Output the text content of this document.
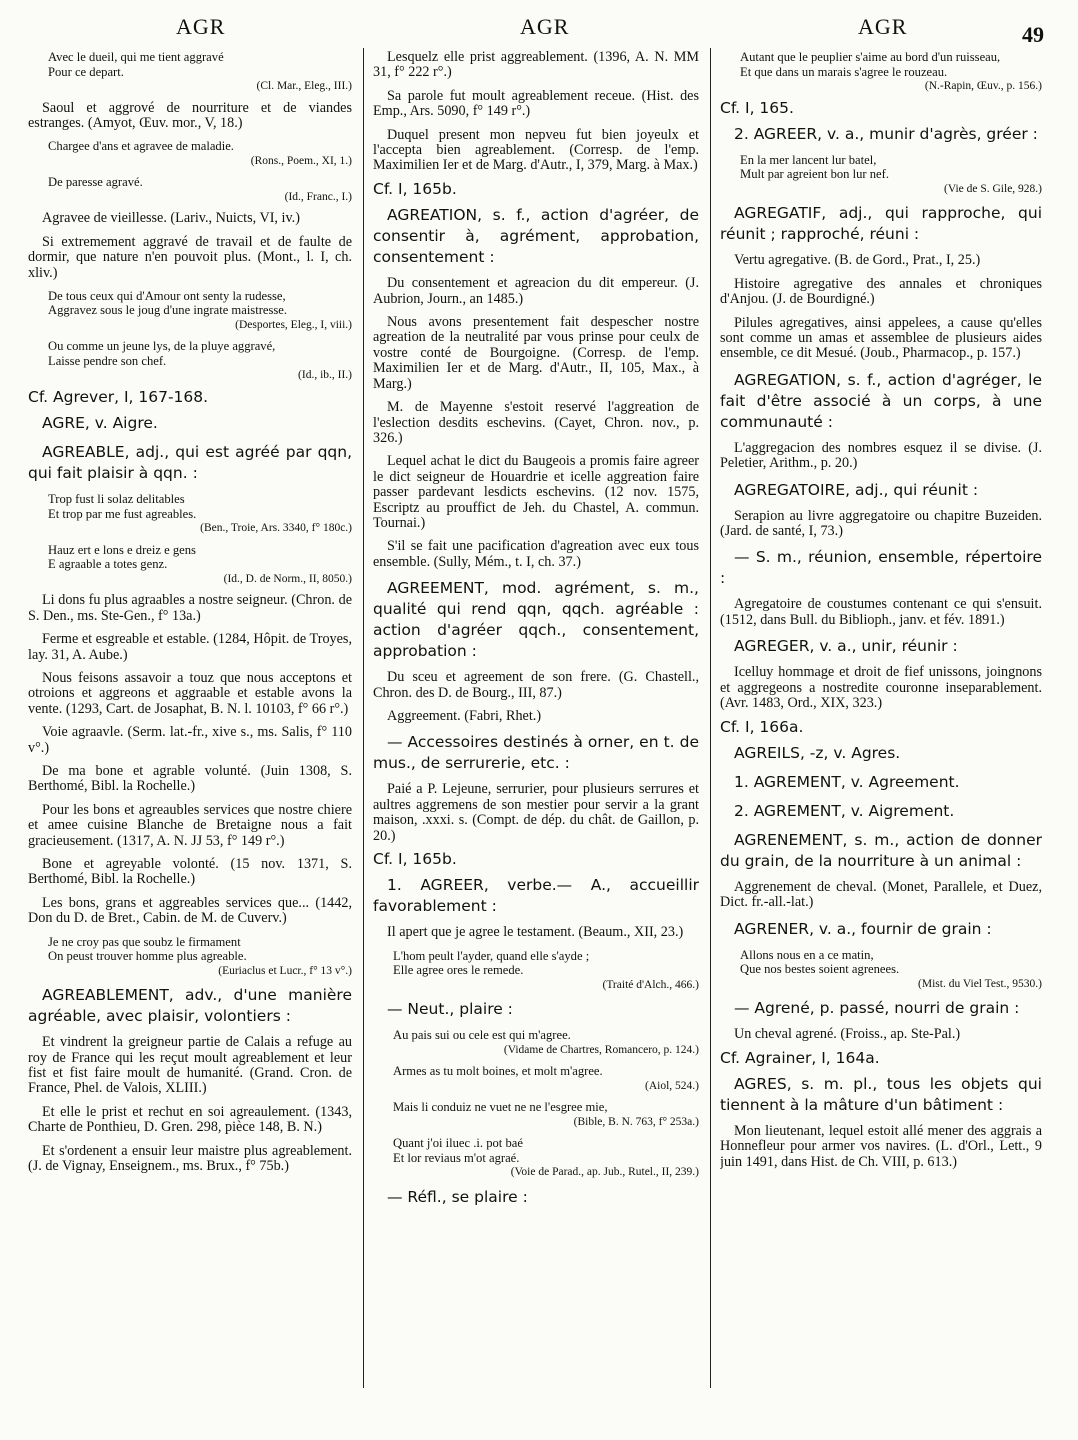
AGR	AGR	AGR	49
Avec le dueil, qui me tient aggravé
Pour ce depart.
(Cl. Mar., Eleg., III.)

Saoul et aggrové de nourriture et de viandes estranges. (Amyot, Œuv. mor., V, 18.)

Chargee d'ans et agravee de maladie.
(Rons., Poem., XI, 1.)
De paresse agravé.
(Id., Franc., I.)

Agravee de vieillesse. (Lariv., Nuicts, VI, iv.)

Si extremement aggravé de travail et de faulte de dormir, que nature n'en pouvoit plus. (Mont., l. I, ch. xliv.)

De tous ceux qui d'Amour ont senty la rudesse,
Aggravez sous le joug d'une ingrate maistresse.
(Desportes, Eleg., I, viii.)
Ou comme un jeune lys, de la pluye aggravé,
Laisse pendre son chef.
(Id., ib., II.)

Cf. Agrever, I, 167-168.

AGRE, v. Aigre.

AGREABLE, adj., qui est agréé par qqn, qui fait plaisir à qqn. :

Trop fust li solaz delitables
Et trop par me fust agreables.
(Ben., Troie, Ars. 3340, f° 180c.)
Hauz ert e lons e dreiz e gens
E agraable a totes genz.
(Id., D. de Norm., II, 8050.)

Li dons fu plus agraables a nostre seigneur. (Chron. de S. Den., ms. Ste-Gen., f° 13a.)

Ferme et esgreable et estable. (1284, Hôpit. de Troyes, lay. 31, A. Aube.)

Nous feisons assavoir a touz que nous acceptons et otroions et aggreons et aggraable et estable avons la vente. (1293, Cart. de Josaphat, B. N. l. 10103, f° 66 r°.)

Voie agraavle. (Serm. lat.-fr., xive s., ms. Salis, f° 110 v°.)

De ma bone et agrable volunté. (Juin 1308, S. Berthomé, Bibl. la Rochelle.)

Pour les bons et agreaubles services que nostre chiere et amee cuisine Blanche de Bretaigne nous a fait gracieusement. (1317, A. N. JJ 53, f° 149 r°.)

Bone et agreyable volonté. (15 nov. 1371, S. Berthomé, Bibl. la Rochelle.)

Les bons, grans et aggreables services que... (1442, Don du D. de Bret., Cabin. de M. de Cuverv.)

Je ne croy pas que soubz le firmament
On peust trouver homme plus agreable.
(Euriaclus et Lucr., f° 13 v°.)

AGREABLEMENT, adv., d'une manière agréable, avec plaisir, volontiers :

Et vindrent la greigneur partie de Calais a refuge au roy de France qui les reçut moult agreablement et leur fist et fist faire moult de humanité. (Grand. Cron. de France, Phel. de Valois, XLIII.)

Et elle le prist et rechut en soi agreaulement. (1343, Charte de Ponthieu, D. Gren. 298, pièce 148, B. N.)

Et s'ordenent a ensuir leur maistre plus agreablement. (J. de Vignay, Enseignem., ms. Brux., f° 75b.)

Lesquelz elle prist aggreablement. (1396, A. N. MM 31, f° 222 r°.)

Sa parole fut moult agreablement receue. (Hist. des Emp., Ars. 5090, f° 149 r°.)

Duquel present mon nepveu fut bien joyeulx et l'accepta bien agreablement. (Corresp. de l'emp. Maximilien Ier et de Marg. d'Autr., I, 379, Marg. à Max.)

Cf. I, 165b.

AGREATION, s. f., action d'agréer, de consentir à, agrément, approbation, consentement :

Du consentement et agreacion du dit empereur. (J. Aubrion, Journ., an 1485.)

Nous avons presentement fait despescher nostre agreation de la neutralité par vous prinse pour ceulx de vostre conté de Bourgoigne. (Corresp. de l'emp. Maximilien Ier et de Marg. d'Autr., II, 105, Max., à Marg.)

M. de Mayenne s'estoit reservé l'aggreation de l'eslection desdits eschevins. (Cayet, Chron. nov., p. 326.)

Lequel achat le dict du Baugeois a promis faire agreer le dict seigneur de Houardrie et icelle aggreation faire passer pardevant lesdicts eschevins. (12 nov. 1575, Escriptz au prouffict de Jeh. du Chastel, A. commun. Tournai.)

S'il se fait une pacification d'agreation avec eux tous ensemble. (Sully, Mém., t. I, ch. 37.)

AGREEMENT, mod. agrément, s. m., qualité qui rend qqn, qqch. agréable : action d'agréer qqch., consentement, approbation :

Du sceu et agreement de son frere. (G. Chastell., Chron. des D. de Bourg., III, 87.)

Aggreement. (Fabri, Rhet.)

— Accessoires destinés à orner, en t. de mus., de serrurerie, etc. :

Paié a P. Lejeune, serrurier, pour plusieurs serrures et aultres aggremens de son mestier pour servir a la grant maison, .xxxi. s. (Compt. de dép. du chât. de Gaillon, p. 20.)

Cf. I, 165b.

1. AGREER, verbe.— A., accueillir favorablement :

Il apert que je agree le testament. (Beaum., XII, 23.)

L'hom peult l'ayder, quand elle s'ayde ;
Elle agree ores le remede.
(Traité d'Alch., 466.)

— Neut., plaire :

Au pais sui ou cele est qui m'agree.
(Vidame de Chartres, Romancero, p. 124.)
Armes as tu molt boines, et molt m'agree.
(Aiol, 524.)
Mais li conduiz ne vuet ne ne l'esgree mie,
(Bible, B. N. 763, f° 253a.)
Quant j'oi iluec .i. pot baé
Et lor reviaus m'ot agraé.
(Voie de Parad., ap. Jub., Rutel., II, 239.)

— Réfl., se plaire :

Autant que le peuplier s'aime au bord d'un ruisseau,
Et que dans un marais s'agree le rouzeau.
(N.-Rapin, Œuv., p. 156.)

Cf. I, 165.

2. AGREER, v. a., munir d'agrès, gréer :

En la mer lancent lur batel,
Mult par agreient bon lur nef.
(Vie de S. Gile, 928.)

AGREGATIF, adj., qui rapproche, qui réunit ; rapproché, réuni :

Vertu agregative. (B. de Gord., Prat., I, 25.)

Histoire agregative des annales et chroniques d'Anjou. (J. de Bourdigné.)

Pilules agregatives, ainsi appelees, a cause qu'elles sont comme un amas et assemblee de plusieurs aides ensemble, ce dit Mesué. (Joub., Pharmacop., p. 157.)

AGREGATION, s. f., action d'agréger, le fait d'être associé à un corps, à une communauté :

L'aggregacion des nombres esquez il se divise. (J. Peletier, Arithm., p. 20.)

AGREGATOIRE, adj., qui réunit :

Serapion au livre aggregatoire ou chapitre Buzeiden. (Jard. de santé, I, 73.)

— S. m., réunion, ensemble, répertoire :

Agregatoire de coustumes contenant ce qui s'ensuit. (1512, dans Bull. du Biblioph., janv. et fév. 1891.)

AGREGER, v. a., unir, réunir :

Icelluy hommage et droit de fief unissons, joingnons et aggregeons a nostredite couronne inseparablement. (Avr. 1483, Ord., XIX, 323.)

Cf. I, 166a.

AGREILS, -z, v. Agres.

1. AGREMENT, v. Agreement.

2. AGREMENT, v. Aigrement.

AGRENEMENT, s. m., action de donner du grain, de la nourriture à un animal :

Aggrenement de cheval. (Monet, Parallele, et Duez, Dict. fr.-all.-lat.)

AGRENER, v. a., fournir de grain :

Allons nous en a ce matin,
Que nos bestes soient agrenees.
(Mist. du Viel Test., 9530.)

— Agrené, p. passé, nourri de grain :

Un cheval agrené. (Froiss., ap. Ste-Pal.)

Cf. Agrainer, I, 164a.

AGRES, s. m. pl., tous les objets qui tiennent à la mâture d'un bâtiment :

Mon lieutenant, lequel estoit allé mener des aggrais a Honnefleur pour armer vos navires. (L. d'Orl., Lett., 9 juin 1491, dans Hist. de Ch. VIII, p. 613.)
